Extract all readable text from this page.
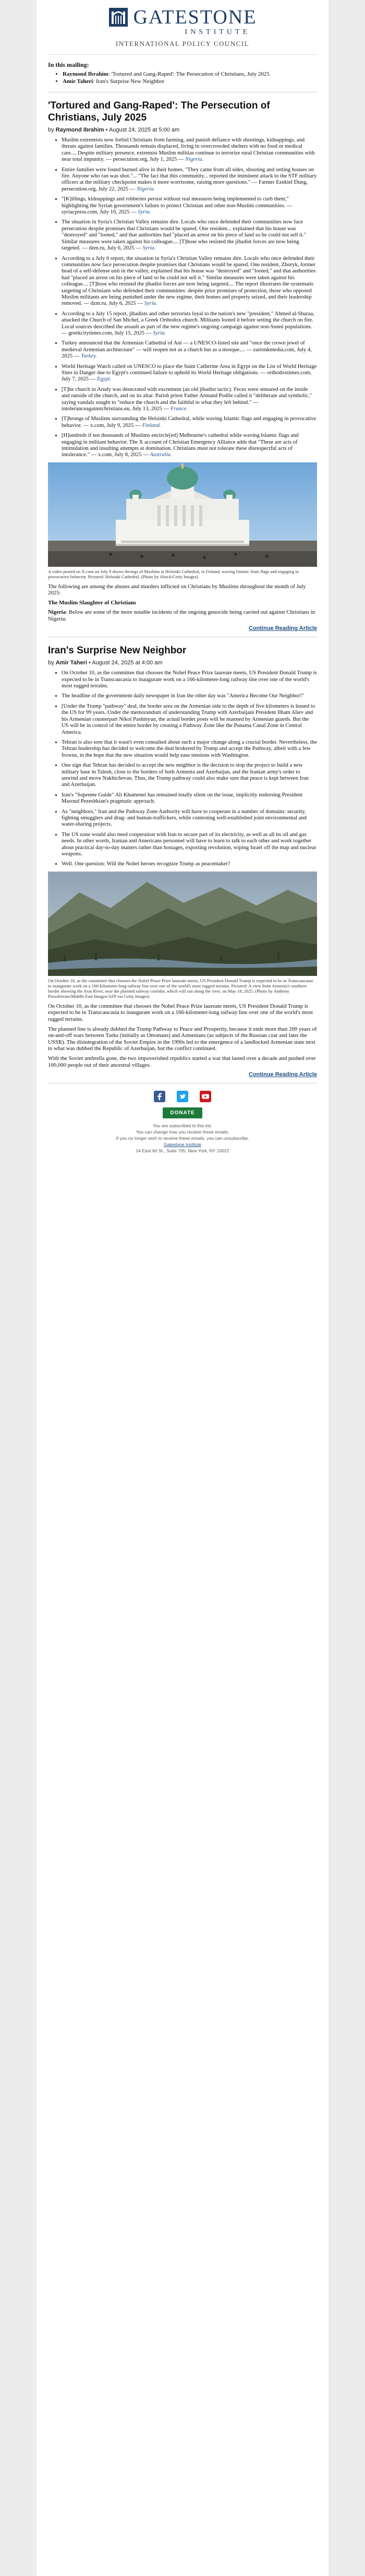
GATESTONE
INSTITUTE
INTERNATIONAL POLICY COUNCIL
In this mailing:
• Raymond Ibrahim: 'Tortured and Gang-Raped': The Persecution of Christians, July 2025
• Amir Taheri: Iran's Surprise New Neighbor
'Tortured and Gang-Raped': The Persecution of Christians, July 2025
by Raymond Ibrahim • August 24, 2025 at 5:00 am
• Muslim extremists now forbid Christians from farming, and punish defiance with shootings, kidnappings, and threats against families. Thousands remain displaced, living in overcrowded shelters with no food or medical care.... Despite military presence, extremist Muslim militias continue to terrorize rural Christian communities with near total impunity. — persecution.org, July 1, 2025 — Nigeria.
• Entire families were found burned alive in their homes. "They came from all sides, shooting and setting houses on fire. Anyone who ran was shot."... "The fact that this community... reported the imminent attack to the STF military officers at the military checkpoint makes it more worrisome, raising more questions." — Farmer Ezekiel Dung, persecution.org, July 22, 2025 — Nigeria.
• "[K]illings, kidnappings and robberies persist without real measures being implemented to curb them," highlighting the Syrian government's failure to protect Christian and other non-Muslim communities. — syriacpress.com, July 10, 2025 — Syria.
• The situation in Syria's Christian Valley remains dire. Locals who once defended their communities now face persecution despite promises that Christians would be spared. One resident... explained that his house was "destroyed" and "looted," and that authorities had "placed an arrest on his piece of land so he could not sell it." Similar measures were taken against his colleague.... [T]hose who resisted the jihadist forces are now being targeted. — dzm.ru, July 6, 2025 — Syria.
• According to a July 6 report, the situation in Syria's Christian Valley remains dire. Locals who once defended their communities now face persecution despite promises that Christians would be spared. One resident, Zhoryk, former head of a self-defense unit in the valley, explained that his house was "destroyed" and "looted," and that authorities had "placed an arrest on his piece of land so he could not sell it." Similar measures were taken against his colleague.... [T]hose who resisted the jihadist forces are now being targeted.... The report illustrates the systematic targeting of Christians who defended their communities: despite prior promises of protection, those who opposed Muslim militants are being punished under the new regime, their homes and property seized, and their leadership removed. — dzm.ru, July 6, 2025 — Syria.
• According to a July 15 report, jihadists and other terrorists loyal to the nation's new "president," Ahmed al-Sharaa, attacked the Church of San Michel, a Greek Orthodox church. Militants looted it before setting the church on fire. Local sources described the assault as part of the new regime's ongoing campaign against non-Sunni populations. — greekcitytimes.com, July 15, 2025 — Syria.
• Turkey announced that the Armenian Cathedral of Ani — a UNESCO-listed site and "once the crown jewel of medieval Armenian architecture" — will reopen not as a church but as a mosque.... — zartonkmedia.com, July 4, 2025 — Turkey.
• World Heritage Watch called on UNESCO to place the Saint Catherine Area in Egypt on the List of World Heritage Sites in Danger due to Egypt's continued failure to uphold its World Heritage obligations. — orthodoxtimes.com, July 7, 2025 — Egypt.
• [T]he church in Arudy was desecrated with excrement (an old jihadist tactic). Feces were smeared on the inside and outside of the church, and on its altar. Parish priest Father Armand Podile called it "deliberate and symbolic," saying vandals sought to "reduce the church and the faithful to what they left behind." — intoleranceagainstchristians.eu, July 13, 2025 — France.
• [T]hrongs of Muslims surrounding the Helsinki Cathedral, while waving Islamic flags and engaging in provocative behavior. — x.com, July 9, 2025 — Finland.
• [H]undreds if not thousands of Muslims encircle[ed] Melbourne's cathedral while waving Islamic flags and engaging in militant behavior. The X account of Christian Emergency Alliance adds that "These are acts of intimidation and insulting attempts at domination. Christians must not tolerate these disrespectful acts of intolerance." — x.com, July 8, 2025 — Australia.
A video posted on X.com on July 9 shows throngs of Muslims at Helsinki Cathedral, in Finland, waving Islamic State flags and engaging in provocative behavior. Pictured: Helsinki Cathedral. (Photo by iStock/Getty Images)

The following are among the abuses and murders inflicted on Christians by Muslims throughout the month of July 2025:

The Muslim Slaughter of Christians

Nigeria: Below are some of the more notable incidents of the ongoing genocide being carried out against Christians in Nigeria:

Continue Reading Article
Iran's Surprise New Neighbor
by Amir Taheri • August 24, 2025 at 4:00 am
• On October 10, as the committee that chooses the Nobel Peace Prize laureate meets, US President Donald Trump is expected to be in Transcaucasia to inaugurate work on a 166-kilometer-long railway line over one of the world's most rugged terrains.
• The headline of the government daily newspaper in Iran the other day was "America Become Our Neighbor!"
• [Under the Trump "pathway" deal, the border area on the Armenian side to the depth of five kilometers is leased to the US for 99 years. Under the memorandum of understanding Trump with Azerbaijani President Ilham Aliev and his Armenian counterpart Nikol Pashinyan, the actual border posts will be manned by Armenian guards. But the US will be in control of the entire border by creating a Pathway Zone like the Panama Canal Zone in Central America.
• Tehran is also sore that it wasn't even consulted about such a major change along a crucial border. Nevertheless, the Tehran leadership has decided to welcome the deal brokered by Trump and accept the Pathway, albeit with a few frowns, in the hope that the new situation would help ease tensions with Washington.
• One sign that Tehran has decided to accept the new neighbor is the decision to stop the project to build a new military base in Talesh, close to the borders of both Armenia and Azerbaijan, and the Iranian army's order to unwind and move Nakhichevan. Thus, the Trump pathway could also make sure that peace is kept between Iran and Azerbaijan.
• Iran's "Supreme Guide" Ali Khamenei has remained totally silent on the issue, implicitly endorsing President Masoud Pezeshkian's pragmatic approach.
• As "neighbors," Iran and the Pathway Zone Authority will have to cooperate in a number of domains: security, fighting smugglers and drug- and human-traffickers, while contesting well-established joint environmental and water-sharing projects.
• The US zone would also need cooperation with Iran to secure part of its electricity, as well as all its oil and gas needs. In other words, Iranian and Americans personnel will have to learn to talk to each other and work together about practical day-to-day matters rather than hostages, exporting revolution, wiping Israel off the map and nuclear weapons.
• Well. One question: Will the Nobel heroes recognize Trump as peacemaker?
On October 10, as the committee that chooses the Nobel Peace Prize laureate meets, US President Donald Trump is expected to be in Transcaucasia to inaugurate work on a 166-kilometer-long railway line over one of the world's most rugged terrains. Pictured: A view from Armenia's southern border showing the Aras River, near the planned railway corridor, which will run along the river, on May 18, 2025. (Photo by Anthony Pizzoferrato/Middle East Images/AFP via Getty Images)

On October 10, as the committee that chooses the Nobel Peace Prize laureate meets, US President Donald Trump is expected to be in Transcaucasia to inaugurate work on a 166-kilometer-long railway line over one of the world's most rugged terrains.

The planned line is already dubbed the Trump Pathway to Peace and Prosperity, because it ends more than 200 years of on-and-off wars between Turks (initially as Ottomans) and Armenians (as subjects of the Russian czar and later the USSR). The disintegration of the Soviet Empire in the 1990s led to the emergence of a landlocked Armenian state next to what was dubbed the Republic of Azerbaijan, but the conflict continued.

With the Soviet umbrella gone, the two impoverished republics started a war that lasted over a decade and pushed over 100,000 people out of their ancestral villages.

Continue Reading Article
DONATE
You are subscribed to this list.
You can change how you receive these emails.
If you no longer wish to receive these emails, you can unsubscribe.
Gatestone Institute
14 East 60 St., Suite 705, New York, NY 10022
